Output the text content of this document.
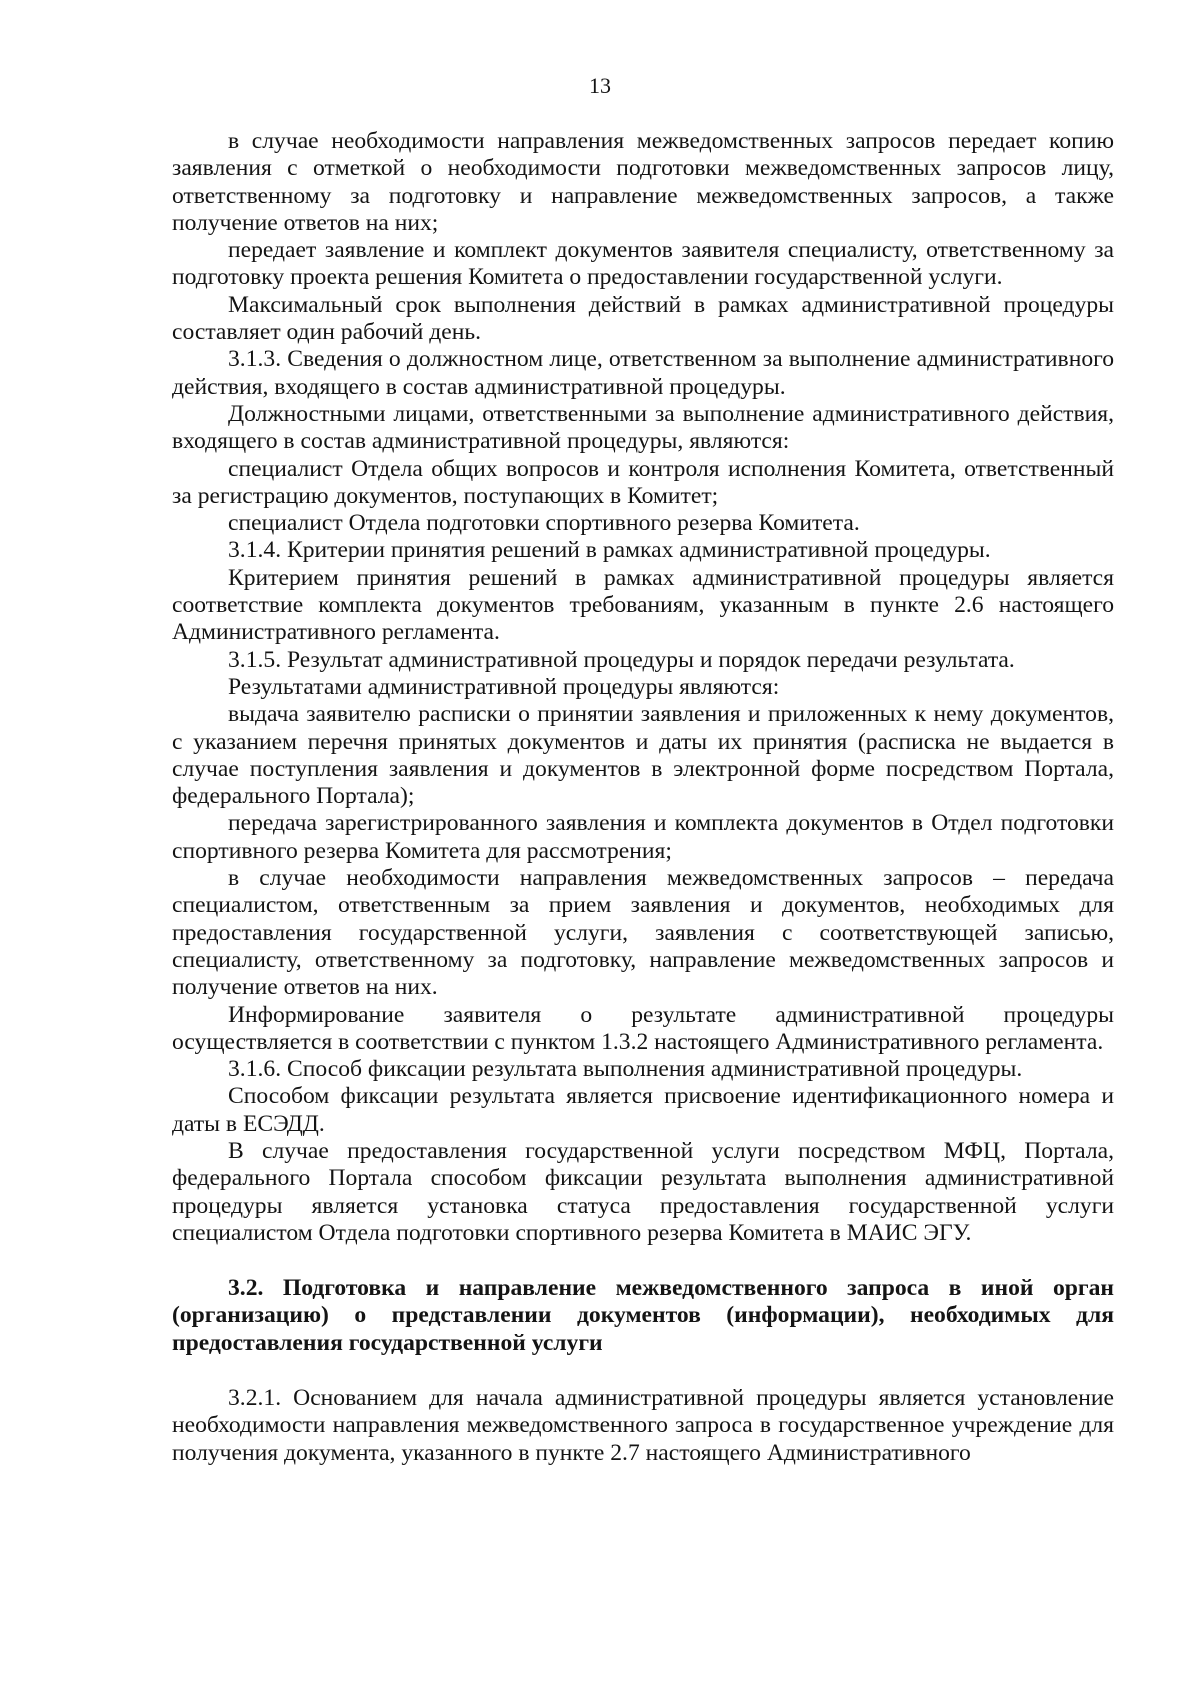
13

в случае необходимости направления межведомственных запросов передает копию заявления с отметкой о необходимости подготовки межведомственных запросов лицу, ответственному за подготовку и направление межведомственных запросов, а также получение ответов на них;

передает заявление и комплект документов заявителя специалисту, ответственному за подготовку проекта решения Комитета о предоставлении государственной услуги.

Максимальный срок выполнения действий в рамках административной процедуры составляет один рабочий день.

3.1.3. Сведения о должностном лице, ответственном за выполнение административного действия, входящего в состав административной процедуры.

Должностными лицами, ответственными за выполнение административного действия, входящего в состав административной процедуры, являются:

специалист Отдела общих вопросов и контроля исполнения Комитета, ответственный за регистрацию документов, поступающих в Комитет;

специалист Отдела подготовки спортивного резерва Комитета.

3.1.4. Критерии принятия решений в рамках административной процедуры.

Критерием принятия решений в рамках административной процедуры является соответствие комплекта документов требованиям, указанным в пункте 2.6 настоящего Административного регламента.

3.1.5. Результат административной процедуры и порядок передачи результата.

Результатами административной процедуры являются:

выдача заявителю расписки о принятии заявления и приложенных к нему документов, с указанием перечня принятых документов и даты их принятия (расписка не выдается в случае поступления заявления и документов в электронной форме посредством Портала, федерального Портала);

передача зарегистрированного заявления и комплекта документов в Отдел подготовки спортивного резерва Комитета для рассмотрения;

в случае необходимости направления межведомственных запросов – передача специалистом, ответственным за прием заявления и документов, необходимых для предоставления государственной услуги, заявления с соответствующей записью, специалисту, ответственному за подготовку, направление межведомственных запросов и получение ответов на них.

Информирование заявителя о результате административной процедуры осуществляется в соответствии с пунктом 1.3.2 настоящего Административного регламента.

3.1.6. Способ фиксации результата выполнения административной процедуры.

Способом фиксации результата является присвоение идентификационного номера и даты в ЕСЭДД.

В случае предоставления государственной услуги посредством МФЦ, Портала, федерального Портала способом фиксации результата выполнения административной процедуры является установка статуса предоставления государственной услуги специалистом Отдела подготовки спортивного резерва Комитета в МАИС ЭГУ.

3.2. Подготовка и направление межведомственного запроса в иной орган (организацию) о представлении документов (информации), необходимых для предоставления государственной услуги

3.2.1. Основанием для начала административной процедуры является установление необходимости направления межведомственного запроса в государственное учреждение для получения документа, указанного в пункте 2.7 настоящего Административного
